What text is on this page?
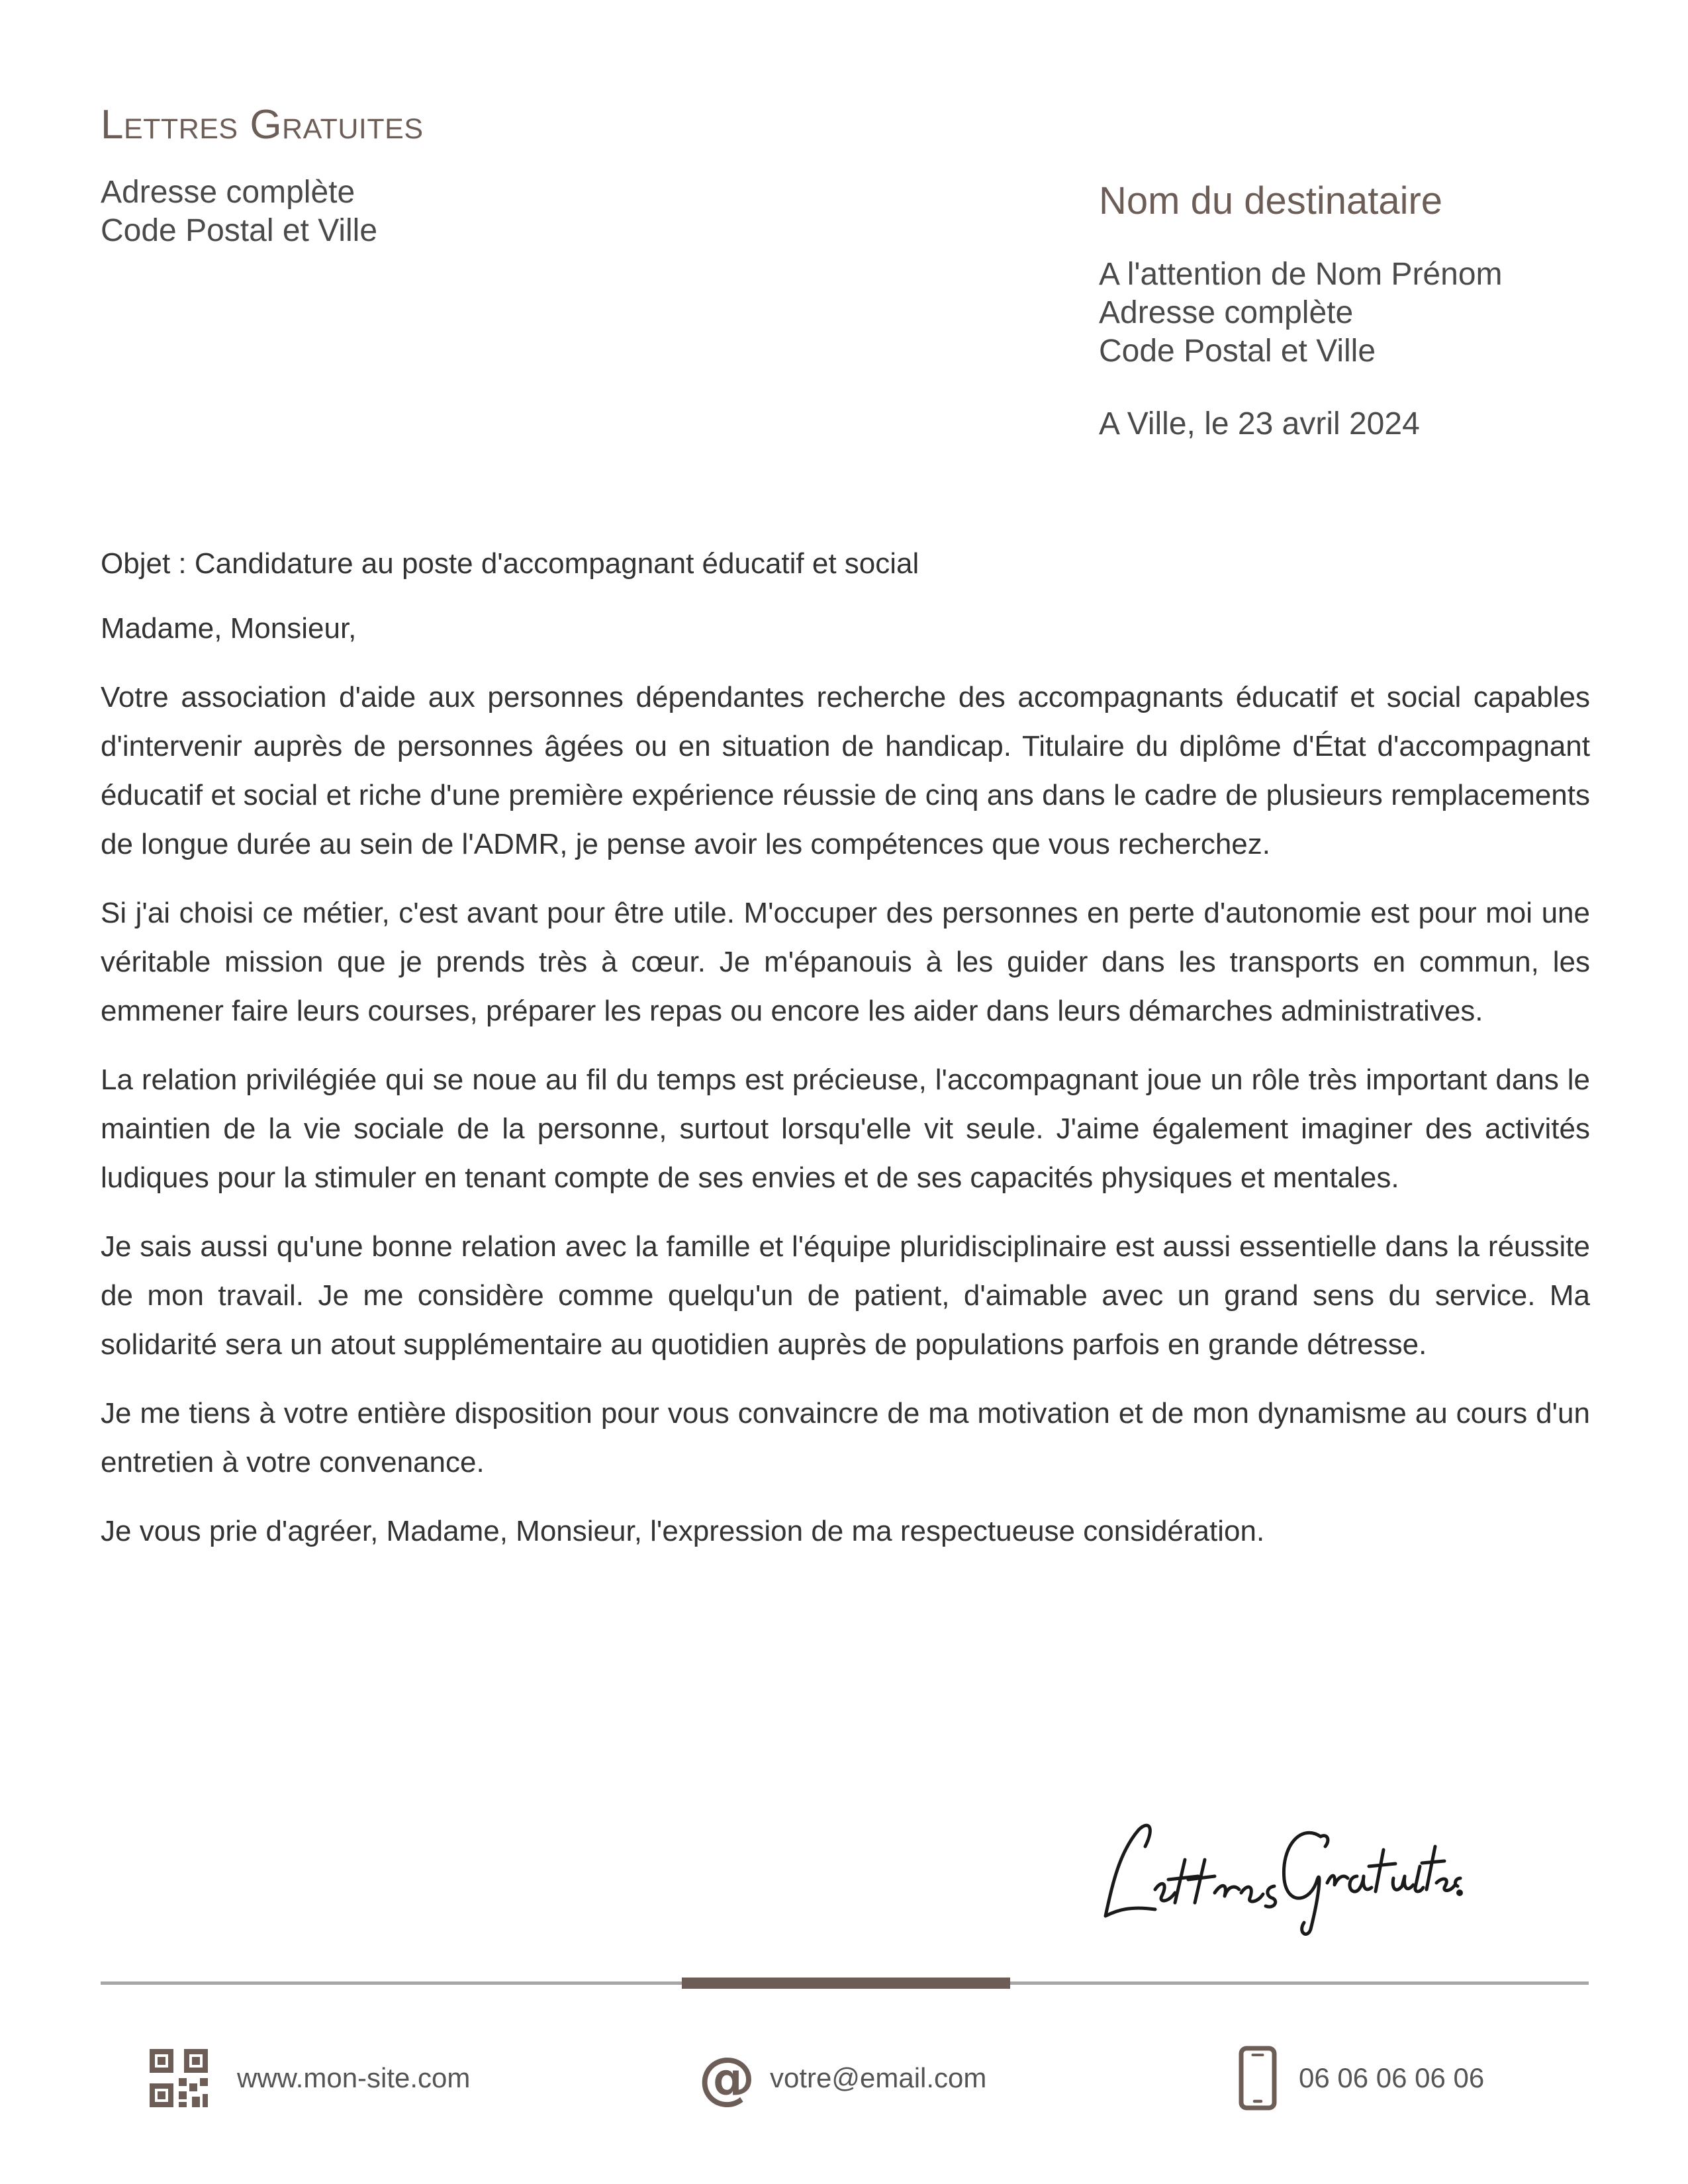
Lettres Gratuites
Adresse complète
Code Postal et Ville
Nom du destinataire
A l'attention de Nom Prénom
Adresse complète
Code Postal et Ville
A Ville, le 23 avril 2024

Objet : Candidature au poste d'accompagnant éducatif et social

Madame, Monsieur,

Votre association d'aide aux personnes dépendantes recherche des accompagnants éducatif et social capables d'intervenir auprès de personnes âgées ou en situation de handicap. Titulaire du diplôme d'État d'accompagnant éducatif et social et riche d'une première expérience réussie de cinq ans dans le cadre de plusieurs remplacements de longue durée au sein de l'ADMR, je pense avoir les compétences que vous recherchez.

Si j'ai choisi ce métier, c'est avant pour être utile. M'occuper des personnes en perte d'autonomie est pour moi une véritable mission que je prends très à cœur. Je m'épanouis à les guider dans les transports en commun, les emmener faire leurs courses, préparer les repas ou encore les aider dans leurs démarches administratives.

La relation privilégiée qui se noue au fil du temps est précieuse, l'accompagnant joue un rôle très important dans le maintien de la vie sociale de la personne, surtout lorsqu'elle vit seule. J'aime également imaginer des activités ludiques pour la stimuler en tenant compte de ses envies et de ses capacités physiques et mentales.

Je sais aussi qu'une bonne relation avec la famille et l'équipe pluridisciplinaire est aussi essentielle dans la réussite de mon travail. Je me considère comme quelqu'un de patient, d'aimable avec un grand sens du service. Ma solidarité sera un atout supplémentaire au quotidien auprès de populations parfois en grande détresse.

Je me tiens à votre entière disposition pour vous convaincre de ma motivation et de mon dynamisme au cours d'un entretien à votre convenance.

Je vous prie d'agréer, Madame, Monsieur, l'expression de ma respectueuse considération.

www.mon-site.com	@ votre@email.com	06 06 06 06 06
